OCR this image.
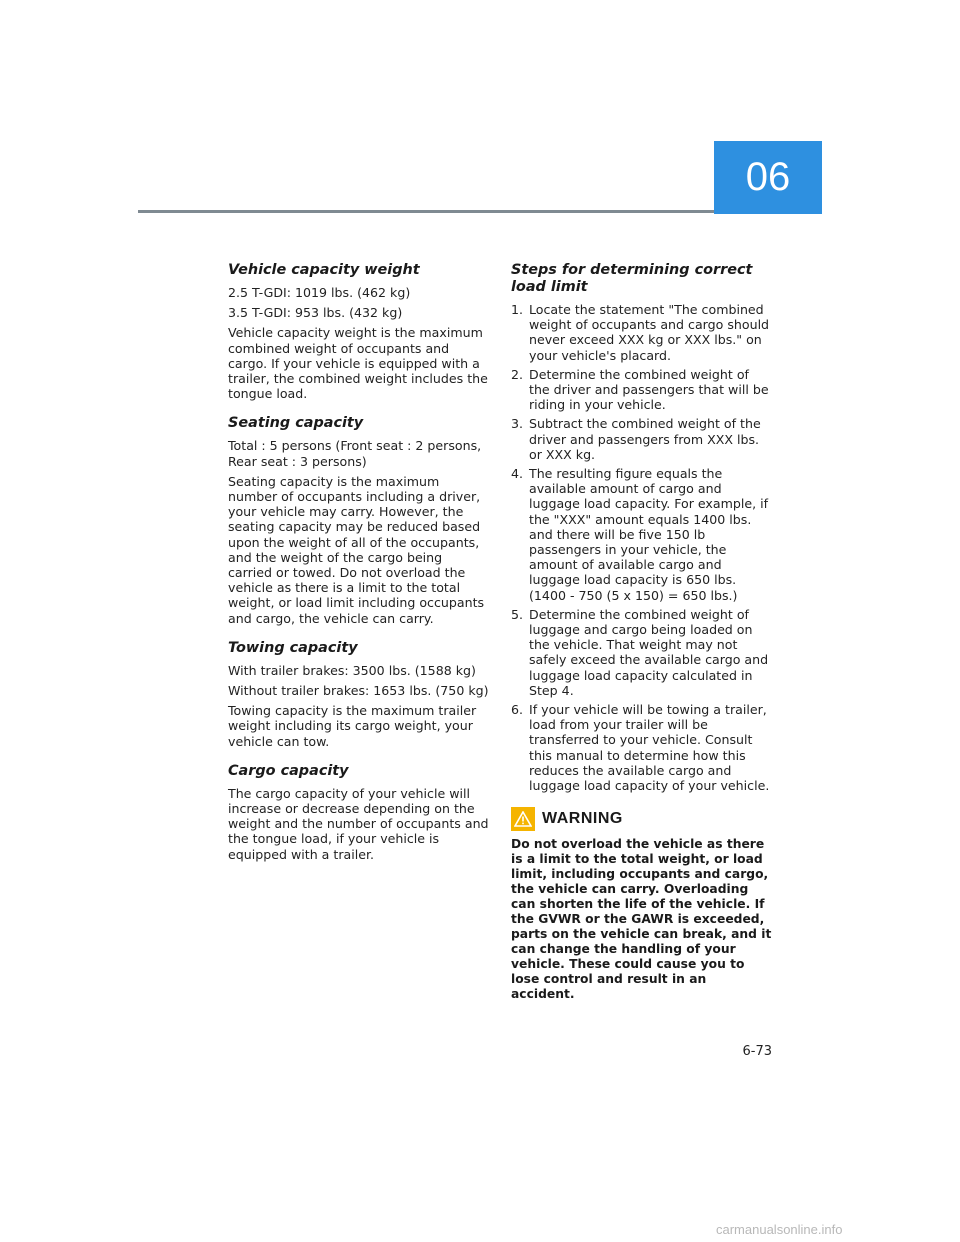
06
Vehicle capacity weight

2.5 T-GDI: 1019 lbs. (462 kg)

3.5 T-GDI: 953 lbs. (432 kg)

Vehicle capacity weight is the maximum combined weight of occupants and cargo. If your vehicle is equipped with a trailer, the combined weight includes the tongue load.

Seating capacity

Total : 5 persons (Front seat : 2 persons, Rear seat : 3 persons)

Seating capacity is the maximum number of occupants including a driver, your vehicle may carry. However, the seating capacity may be reduced based upon the weight of all of the occupants, and the weight of the cargo being carried or towed. Do not overload the vehicle as there is a limit to the total weight, or load limit including occupants and cargo, the vehicle can carry.

Towing capacity

With trailer brakes: 3500 lbs. (1588 kg)

Without trailer brakes: 1653 lbs. (750 kg)

Towing capacity is the maximum trailer weight including its cargo weight, your vehicle can tow.

Cargo capacity

The cargo capacity of your vehicle will increase or decrease depending on the weight and the number of occupants and the tongue load, if your vehicle is equipped with a trailer.

Steps for determining correct load limit
1. Locate the statement "The combined weight of occupants and cargo should never exceed XXX kg or XXX lbs." on your vehicle's placard.
2. Determine the combined weight of the driver and passengers that will be riding in your vehicle.
3. Subtract the combined weight of the driver and passengers from XXX lbs. or XXX kg.
4. The resulting figure equals the available amount of cargo and luggage load capacity. For example, if the "XXX" amount equals 1400 lbs. and there will be five 150 lb passengers in your vehicle, the amount of available cargo and luggage load capacity is 650 lbs. (1400 - 750 (5 x 150) = 650 lbs.)
5. Determine the combined weight of luggage and cargo being loaded on the vehicle. That weight may not safely exceed the available cargo and luggage load capacity calculated in Step 4.
6. If your vehicle will be towing a trailer, load from your trailer will be transferred to your vehicle. Consult this manual to determine how this reduces the available cargo and luggage load capacity of your vehicle.
WARNING

Do not overload the vehicle as there is a limit to the total weight, or load limit, including occupants and cargo, the vehicle can carry. Overloading can shorten the life of the vehicle. If the GVWR or the GAWR is exceeded, parts on the vehicle can break, and it can change the handling of your vehicle. These could cause you to lose control and result in an accident.

6-73
carmanualsonline.info
